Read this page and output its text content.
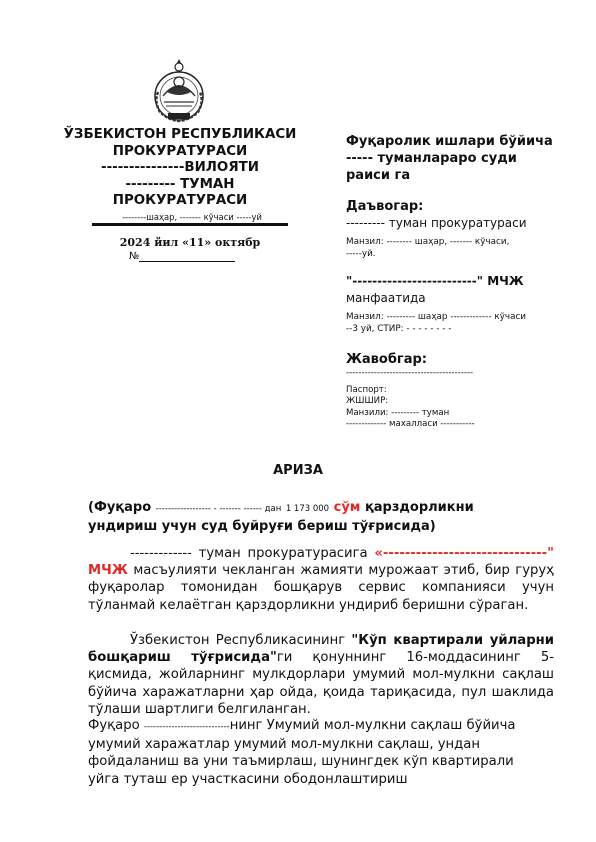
ЎЗБЕКИСТОН РЕСПУБЛИКАСИ
ПРОКУРАТУРАСИ
---------------ВИЛОЯТИ
--------- ТУМАН
ПРОКУРАТУРАСИ
--------шаҳар, ------- кўчаси -----уй
2024 йил «11» октябр
№
Фуқаролик ишлари бўйича
----- туманлараро суди
раиси га
Даъвогар:
--------- туман прокуратураси
Манзил: -------- шаҳар, ------- кўчаси,
-----уй.
"-------------------------" МЧЖ
манфаатида
Манзил: --------- шаҳар ------------- кўчаси
--3 уй, СТИР: - - - - - - - -
Жавобгар:
-----------------------------------------
Паспорт:
ЖШШИР:
Манзили: --------- туман
------------- махалласи -----------
АРИЗА
(Фуқаро ------------------ - ------- ------ дан 1 173 000 сўм қарздорликни
ундириш учун суд буйруғи бериш тўғрисида)
------------- туман прокуратурасига «------------------------------" МЧЖ масъулияти чекланган жамияти мурожаат этиб, бир гуруҳ фуқаролар томонидан бошқарув сервис компанияси учун тўланмай келаётган қарздорликни ундириб беришни сўраган.
Ўзбекистон Республикасининг "Кўп квартирали уйларни бошқариш тўғрисида"ги қонуннинг 16-моддасининг 5-қисмида, жойларнинг мулкдорлари умумий мол-мулкни сақлаш бўйича харажатларни ҳар ойда, қоида тариқасида, пул шаклида тўлаши шартлиги белгиланган.
Фуқаро ----------------------------нинг Умумий мол-мулкни сақлаш бўйича умумий харажатлар умумий мол-мулкни сақлаш, ундан фойдаланиш ва уни таъмирлаш, шунингдек кўп квартирали уйга туташ ер участкасини ободонлаштириш
